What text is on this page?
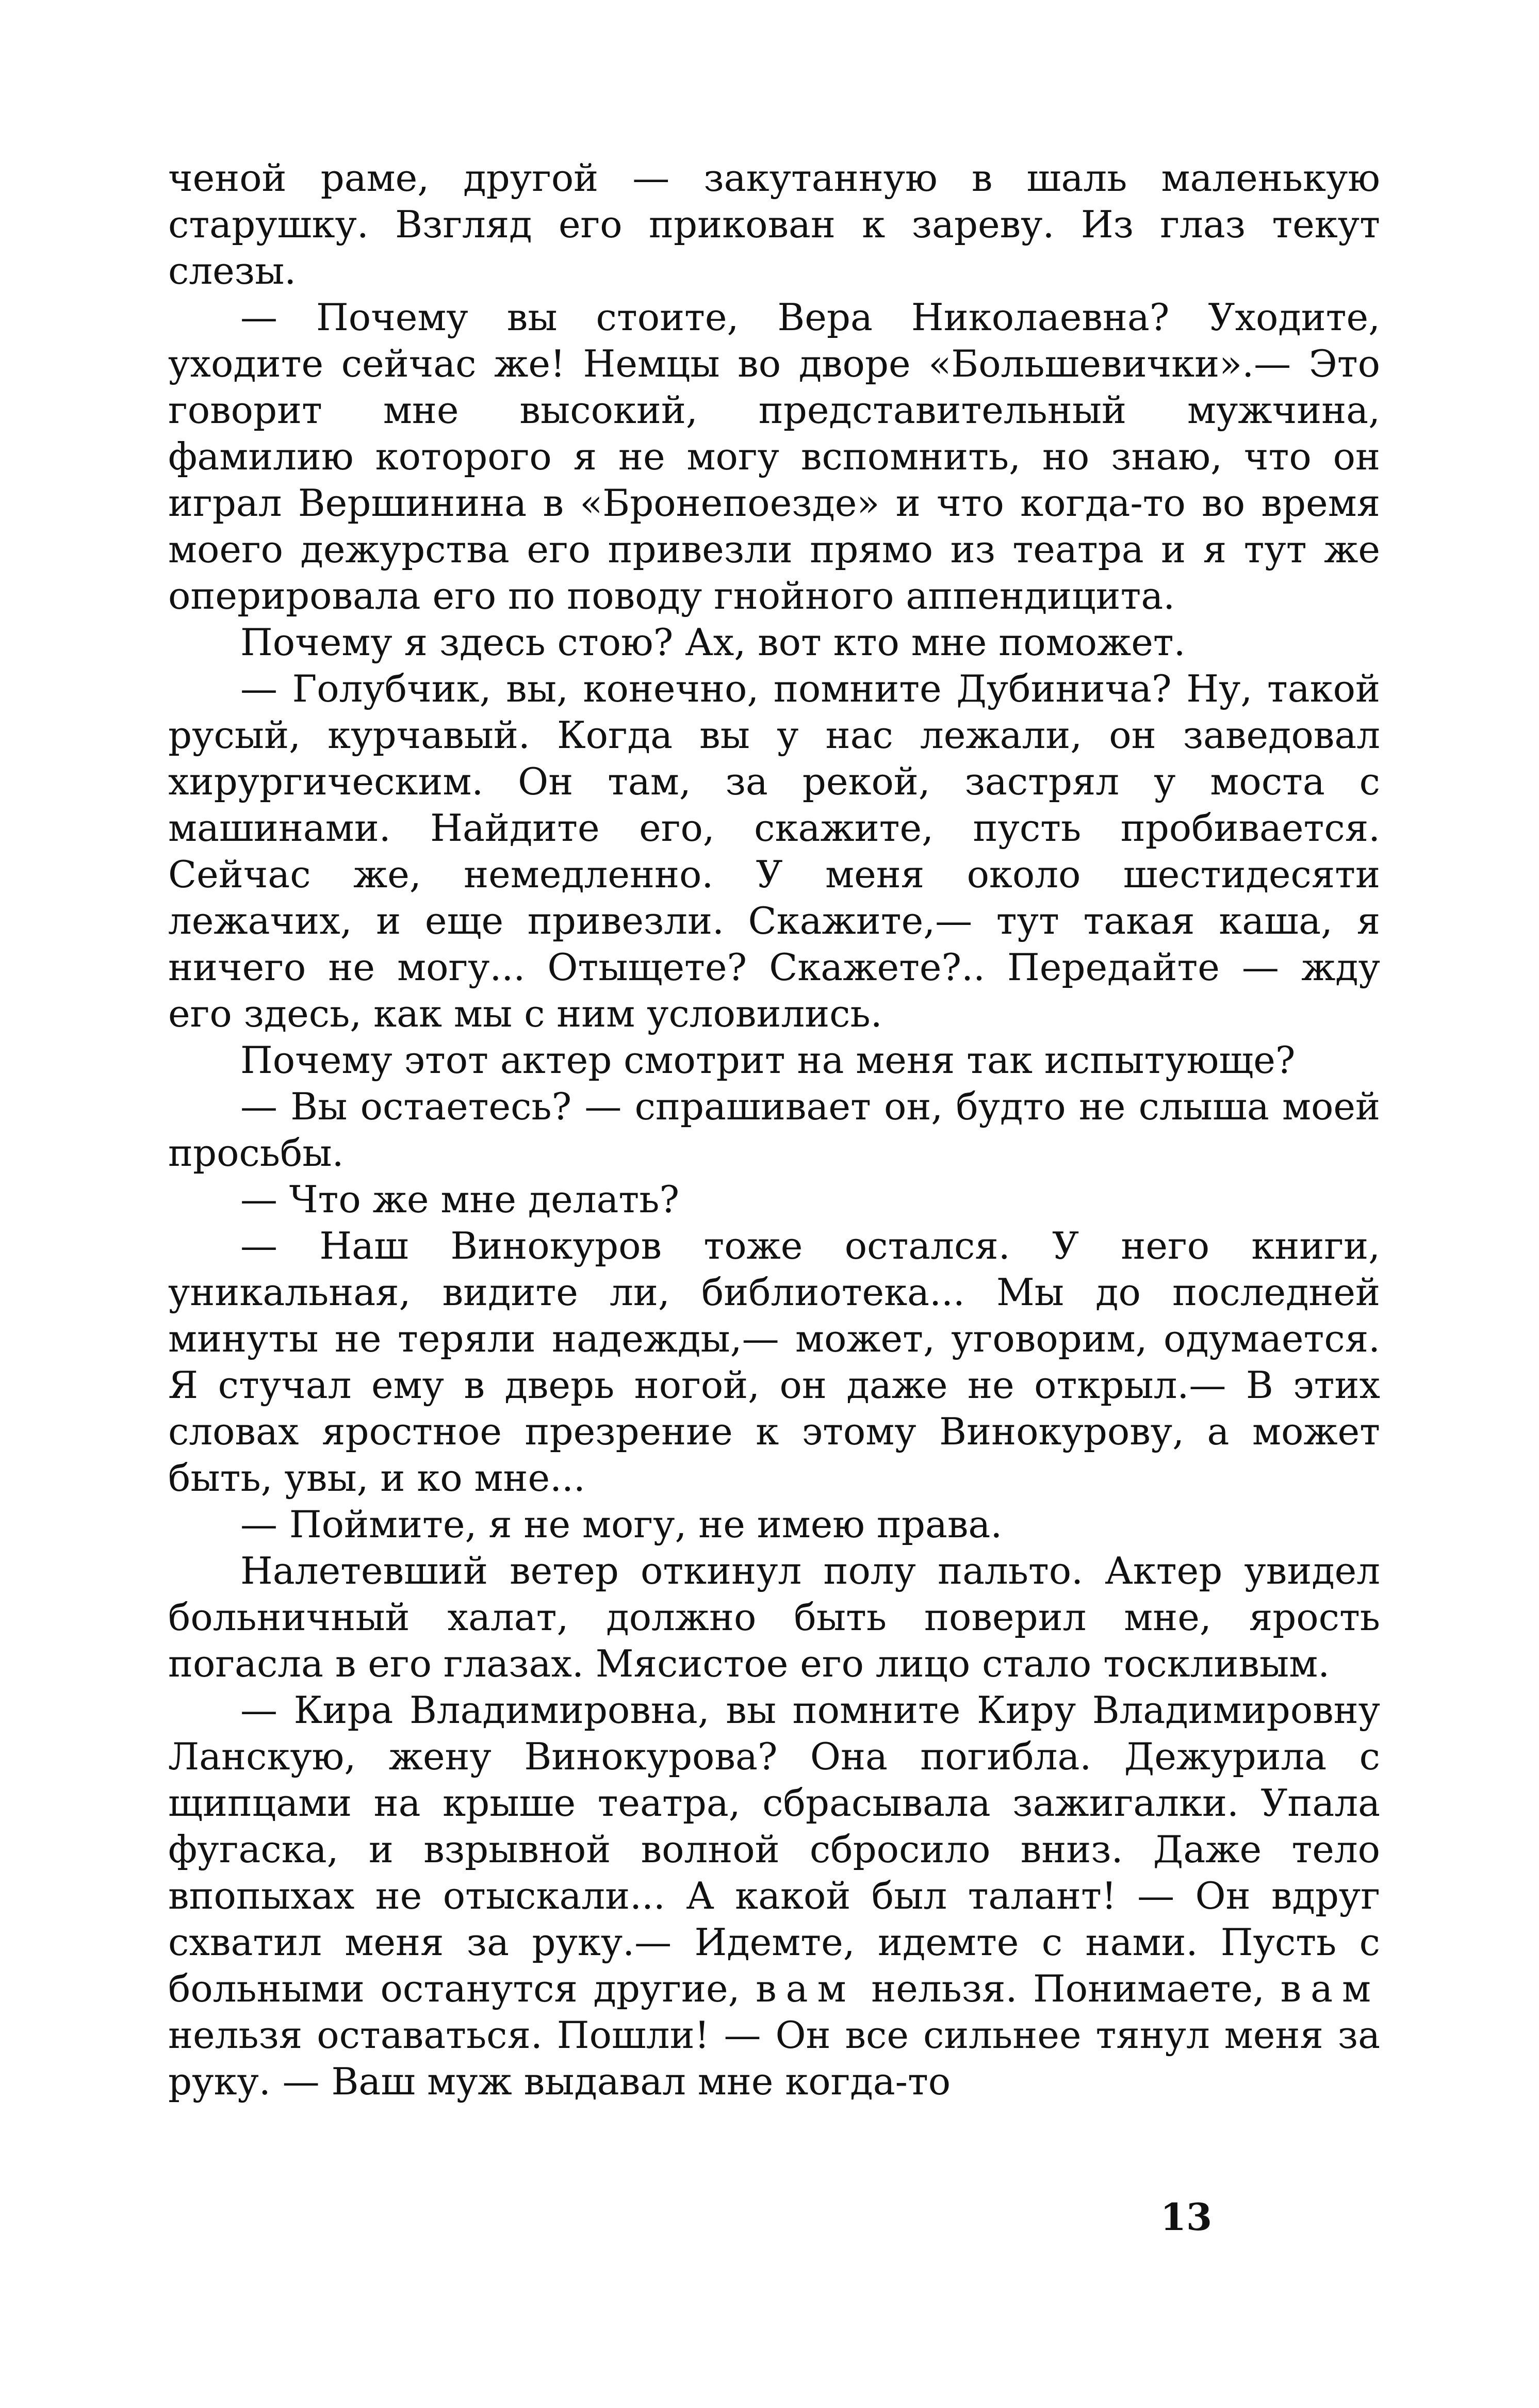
ченой раме, другой — закутанную в шаль маленькую старушку. Взгляд его прикован к зареву. Из глаз текут слезы.

— Почему вы стоите, Вера Николаевна? Уходите, уходите сейчас же! Немцы во дворе «Большевички».— Это говорит мне высокий, представительный мужчина, фамилию которого я не могу вспомнить, но знаю, что он играл Вершинина в «Бронепоезде» и что когда-то во время моего дежурства его привезли прямо из театра и я тут же оперировала его по поводу гнойного аппендицита.

Почему я здесь стою? Ах, вот кто мне поможет.

— Голубчик, вы, конечно, помните Дубинича? Ну, такой русый, курчавый. Когда вы у нас лежали, он заведовал хирургическим. Он там, за рекой, застрял у моста с машинами. Найдите его, скажите, пусть пробивается. Сейчас же, немедленно. У меня около шестидесяти лежачих, и еще привезли. Скажите,— тут такая каша, я ничего не могу... Отыщете? Скажете?.. Передайте — жду его здесь, как мы с ним условились.

Почему этот актер смотрит на меня так испытующе?

— Вы остаетесь? — спрашивает он, будто не слыша моей просьбы.

— Что же мне делать?

— Наш Винокуров тоже остался. У него книги, уникальная, видите ли, библиотека... Мы до последней минуты не теряли надежды,— может, уговорим, одумается. Я стучал ему в дверь ногой, он даже не открыл.— В этих словах яростное презрение к этому Винокурову, а может быть, увы, и ко мне...

— Поймите, я не могу, не имею права.

Налетевший ветер откинул полу пальто. Актер увидел больничный халат, должно быть поверил мне, ярость погасла в его глазах. Мясистое его лицо стало тоскливым.

— Кира Владимировна, вы помните Киру Владимировну Ланскую, жену Винокурова? Она погибла. Дежурила с щипцами на крыше театра, сбрасывала зажигалки. Упала фугаска, и взрывной волной сбросило вниз. Даже тело впопыхах не отыскали... А какой был талант! — Он вдруг схватил меня за руку.— Идемте, идемте с нами. Пусть с больными останутся другие, вам нельзя. Понимаете, вам нельзя оставаться. Пошли! — Он все сильнее тянул меня за руку. — Ваш муж выдавал мне когда-то

13
